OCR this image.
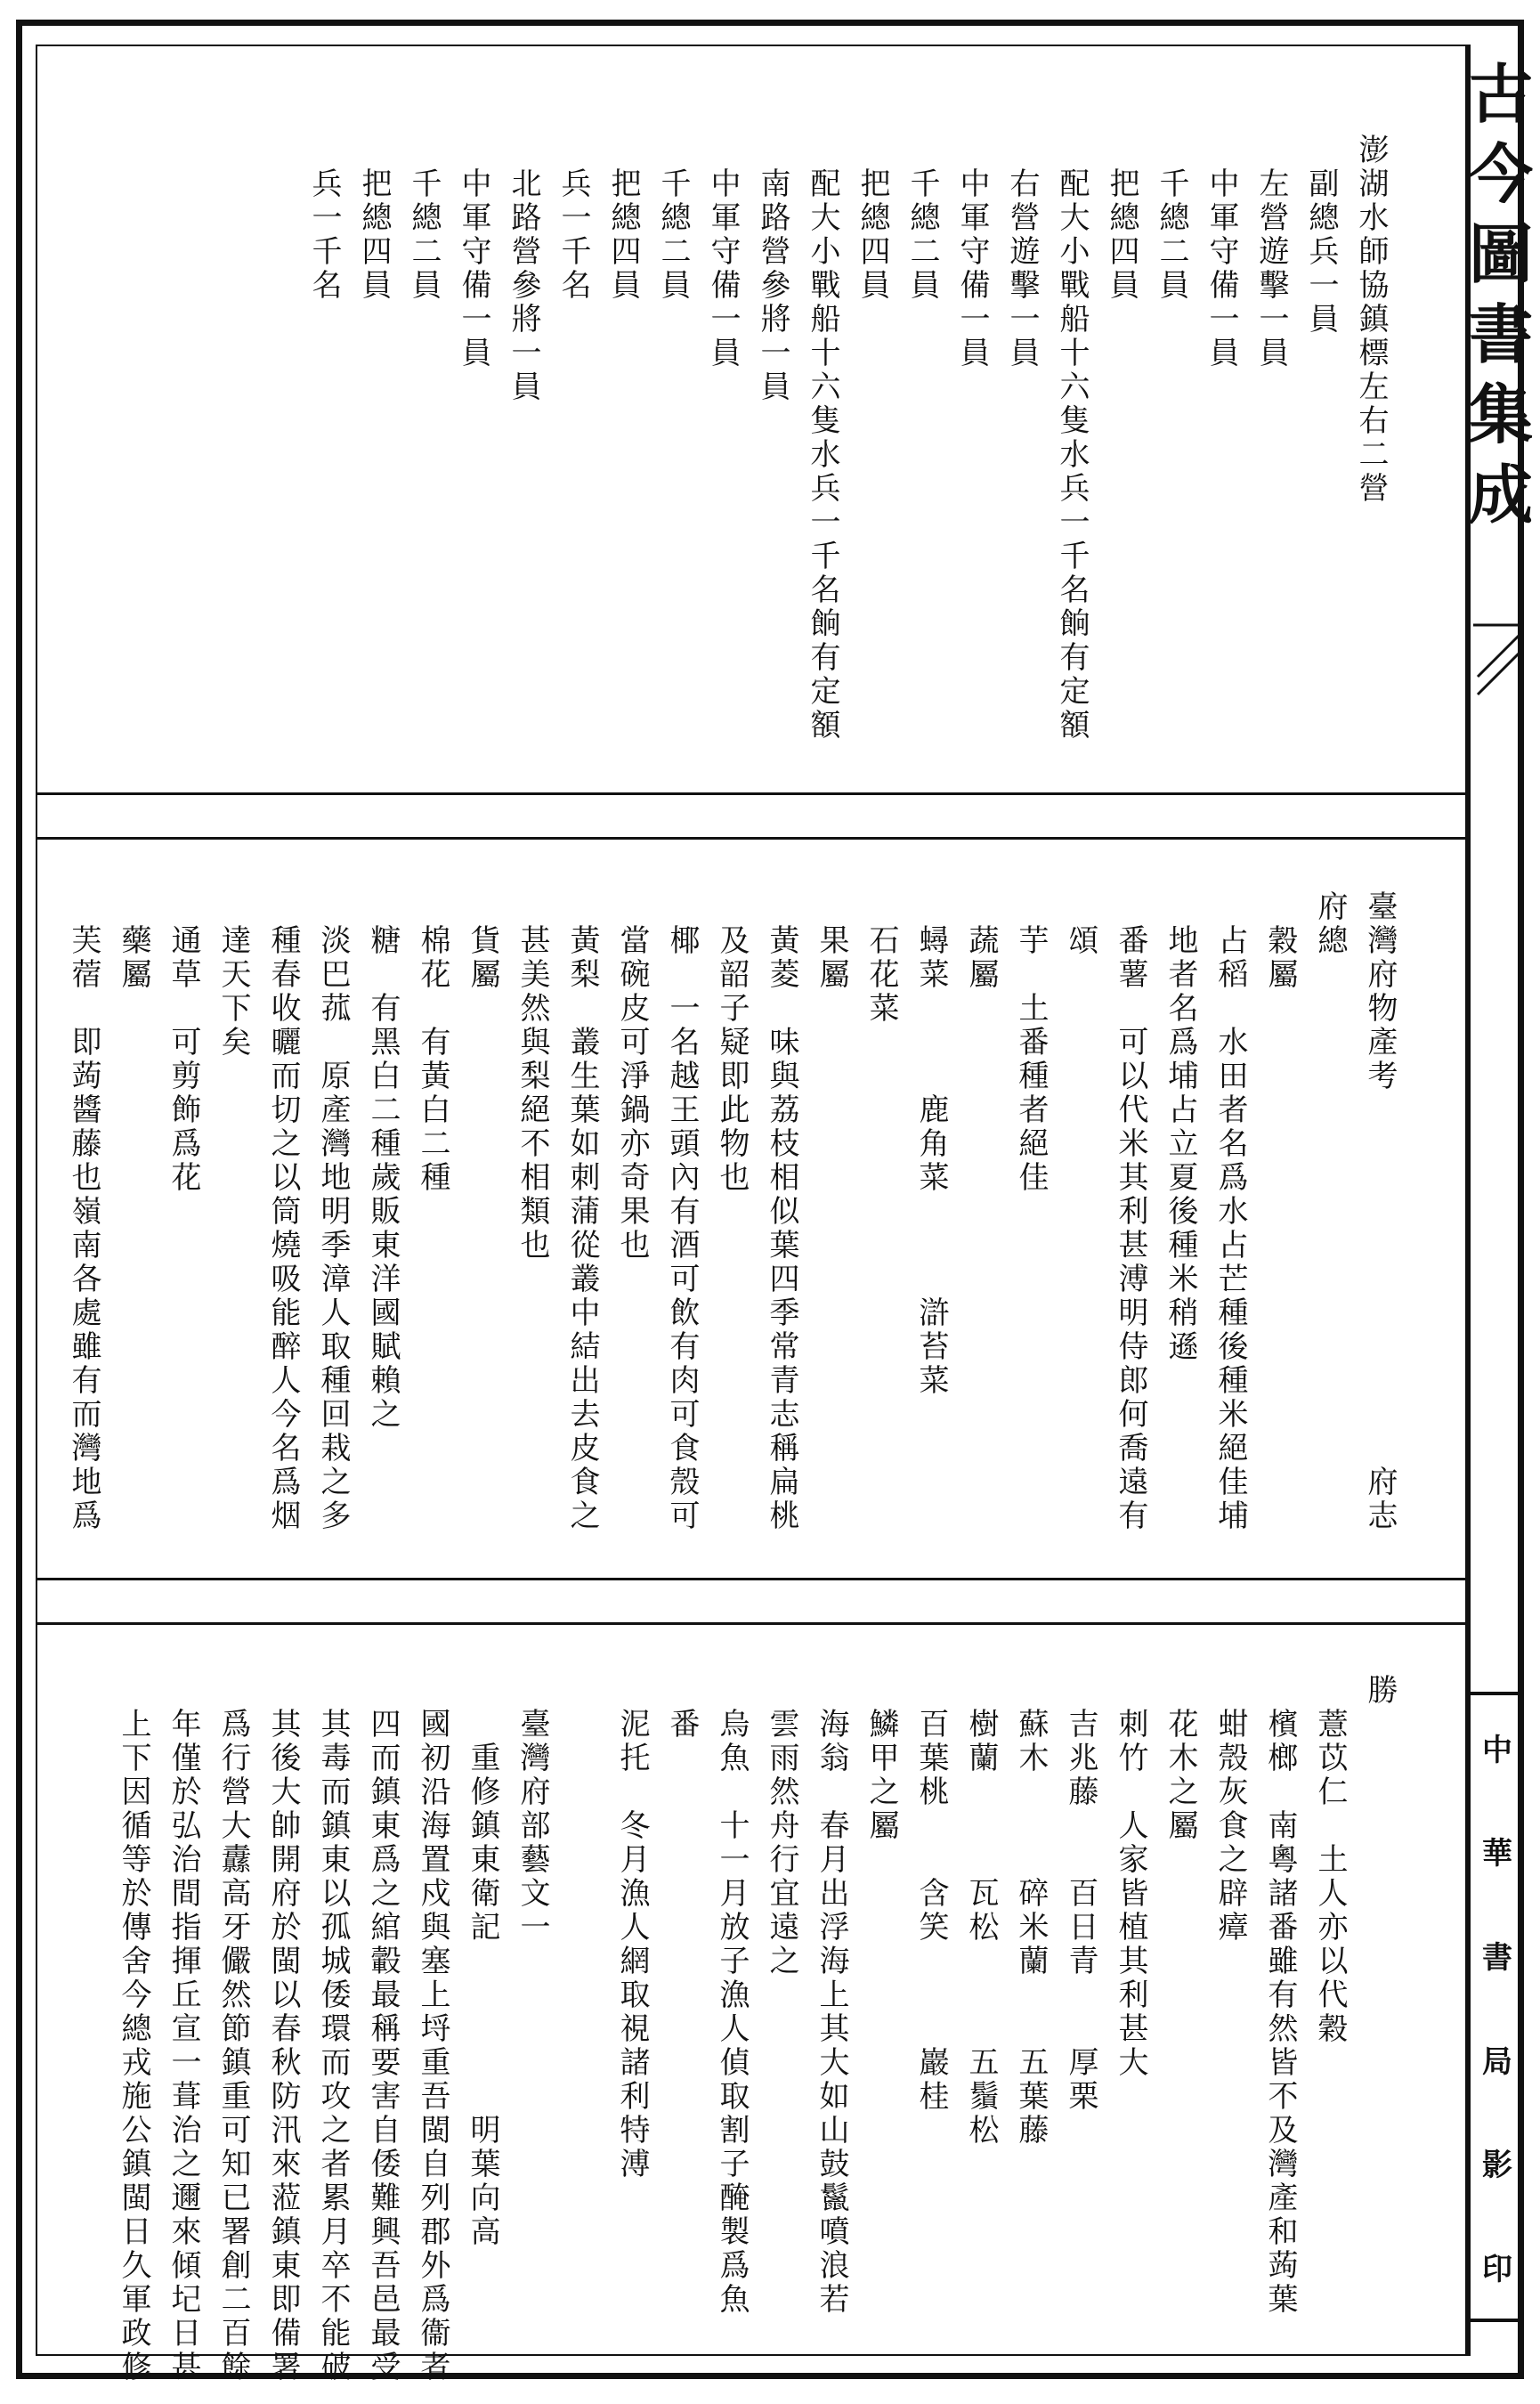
古
今
圖
書
集
成
中
華
書
局
影
印
澎湖水師協鎮標左右二營
　副總兵一員
　左營遊擊一員
　中軍守備一員
　千總二員
　把總四員
　配大小戰船十六隻水兵一千名餉有定額
　右營遊擊一員
　中軍守備一員
　千總二員
　把總四員
　配大小戰船十六隻水兵一千名餉有定額
　南路營參將一員
　中軍守備一員
　千總二員
　把總四員
　兵一千名
　北路營參將一員
　中軍守備一員
　千總二員
　把總四員
　兵一千名
臺灣府物產考　　　　　　　　　　　府志
府總
　穀屬
　占稻　水田者名爲水占芒種後種米絕佳埔
　地者名爲埔占立夏後種米稍遜
　番薯　可以代米其利甚溥明侍郎何喬遠有
　頌
　芋　土番種者絕佳
　蔬屬
　蟳菜　　　鹿角菜　　　滸苔菜
　石花菜
　果屬
　黃菱　味與荔枝相似葉四季常青志稱扁桃
　及韶子疑即此物也
　椰　一名越王頭內有酒可飲有肉可食殼可
　當碗皮可淨鍋亦奇果也
　黃梨　叢生葉如刺蒲從叢中結出去皮食之
　甚美然與梨絕不相類也
　貨屬
　棉花　有黃白二種
　糖　有黑白二種歲販東洋國賦賴之
　淡巴菰　原產灣地明季漳人取種回栽之多
　種春收曬而切之以筒燒吸能醉人今名爲烟
　達天下矣
　通草　可剪飾爲花
　藥屬
　芙蓿　即蒟醬藤也嶺南各處雖有而灣地爲
勝
　薏苡仁　土人亦以代穀
　檳榔　南粵諸番雖有然皆不及灣產和蒟葉
　蚶殼灰食之辟瘴
　花木之屬
　刺竹　人家皆植其利甚大
　吉兆藤　　百日青　　厚栗
　蘇木　　　碎米蘭　　五葉藤
　樹蘭　　　瓦松　　　五鬚松
　百葉桃　　含笑　　　巖桂
　鱗甲之屬
　海翁　春月出浮海上其大如山鼓鬣噴浪若
　雲雨然舟行宜遠之
　烏魚　十一月放子漁人偵取割子醃製爲魚
　番
　泥托　冬月漁人網取視諸利特溥
　臺灣府部藝文一
　　重修鎮東衛記　　　　　明葉向高
　國初沿海置戍與塞上埒重吾閩自列郡外爲衞者
　四而鎮東爲之綰轂最稱要害自倭難興吾邑最受
　其毒而鎮東以孤城倭環而攻之者累月卒不能破
　其後大帥開府於閩以春秋防汛來蒞鎮東即備署
　爲行營大纛高牙儼然節鎮重可知已署創二百餘
　年僅於弘治間指揮丘宣一葺治之邇來傾圮日甚
　上下因循等於傳舍今總戎施公鎮閩日久軍政修
